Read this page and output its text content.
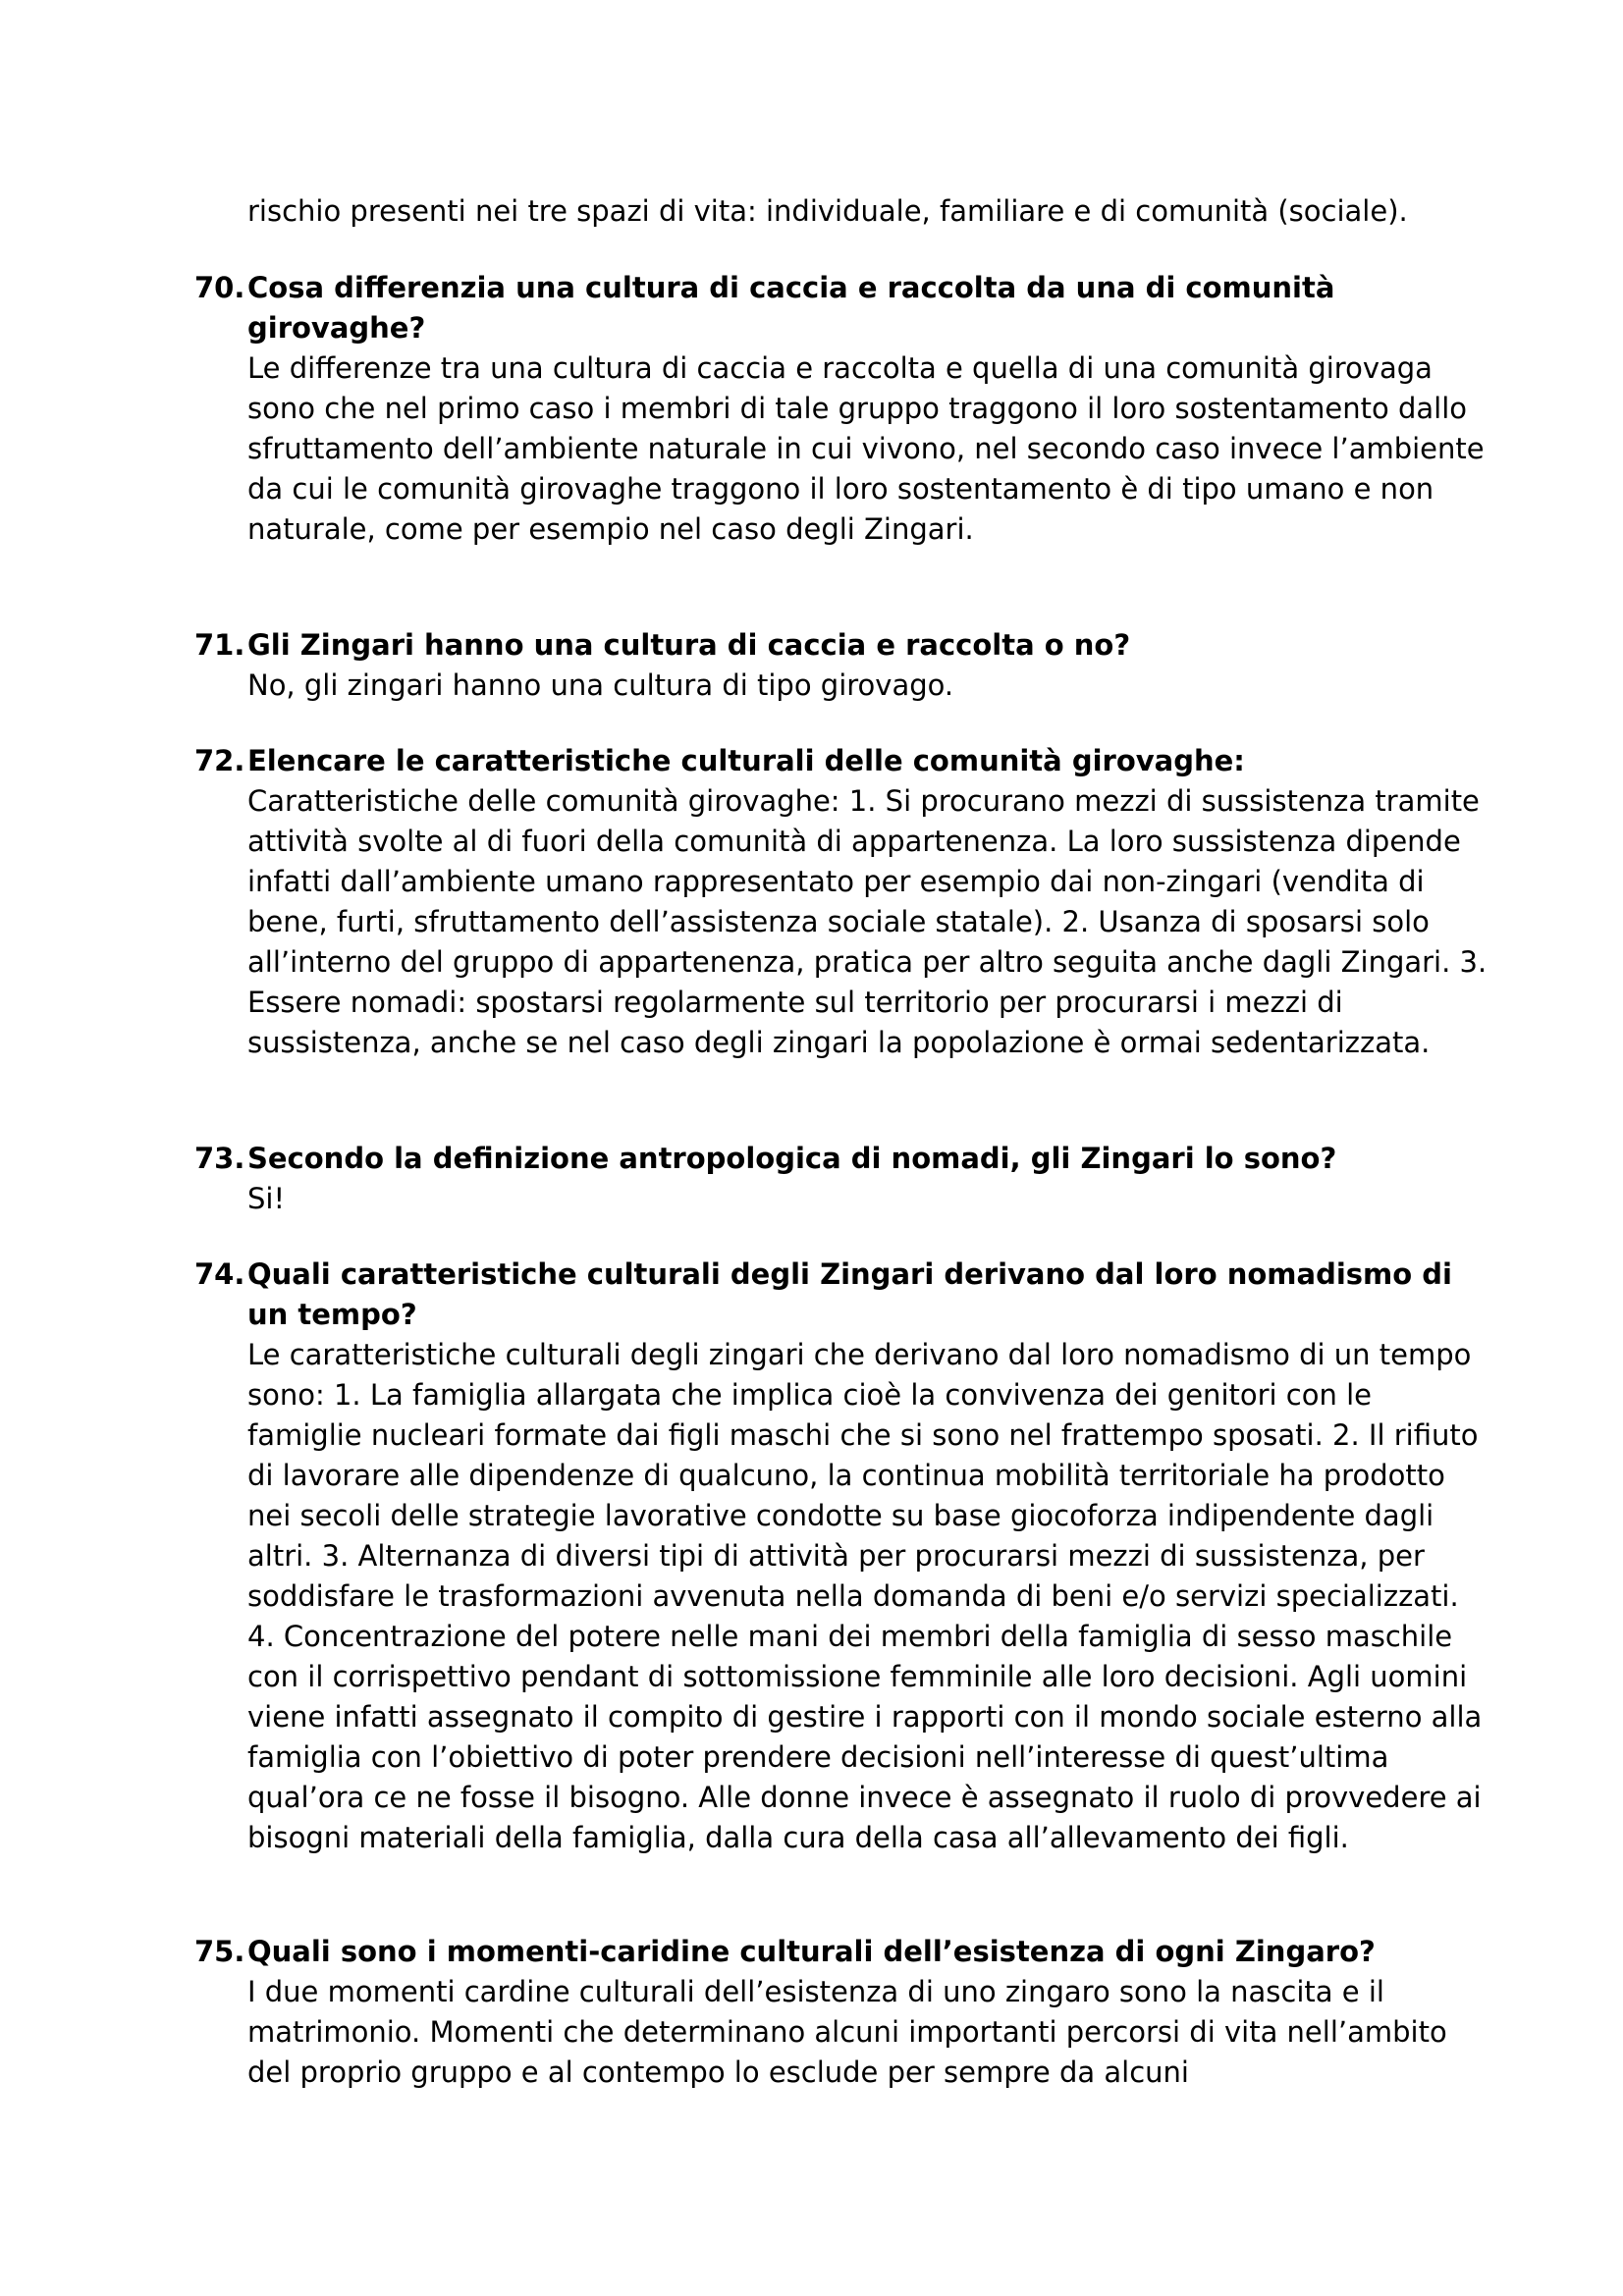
rischio presenti nei tre spazi di vita: individuale, familiare e di comunità (sociale).

70. Cosa differenzia una cultura di caccia e raccolta da una di comunità girovaghe?

Le differenze tra una cultura di caccia e raccolta e quella di una comunità girovaga sono che nel primo caso i membri di tale gruppo traggono il loro sostentamento dallo sfruttamento dell’ambiente naturale in cui vivono, nel secondo caso invece l’ambiente da cui le comunità girovaghe traggono il loro sostentamento è di tipo umano e non naturale, come per esempio nel caso degli Zingari.

71. Gli Zingari hanno una cultura di caccia e raccolta o no?

No, gli zingari hanno una cultura di tipo girovago.

72. Elencare le caratteristiche culturali delle comunità girovaghe:

Caratteristiche delle comunità girovaghe: 1. Si procurano mezzi di sussistenza tramite attività svolte al di fuori della comunità di appartenenza. La loro sussistenza dipende infatti dall’ambiente umano rappresentato per esempio dai non-zingari (vendita di bene, furti, sfruttamento dell’assistenza sociale statale). 2. Usanza di sposarsi solo all’interno del gruppo di appartenenza, pratica per altro seguita anche dagli Zingari. 3. Essere nomadi: spostarsi regolarmente sul territorio per procurarsi i mezzi di sussistenza, anche se nel caso degli zingari la popolazione è ormai sedentarizzata.

73. Secondo la definizione antropologica di nomadi, gli Zingari lo sono?

Si!

74. Quali caratteristiche culturali degli Zingari derivano dal loro nomadismo di un tempo?

Le caratteristiche culturali degli zingari che derivano dal loro nomadismo di un tempo sono: 1. La famiglia allargata che implica cioè la convivenza dei genitori con le famiglie nucleari formate dai figli maschi che si sono nel frattempo sposati. 2. Il rifiuto di lavorare alle dipendenze di qualcuno, la continua mobilità territoriale ha prodotto nei secoli delle strategie lavorative condotte su base giocoforza indipendente dagli altri. 3. Alternanza di diversi tipi di attività per procurarsi mezzi di sussistenza, per soddisfare le trasformazioni avvenuta nella domanda di beni e/o servizi specializzati. 4. Concentrazione del potere nelle mani dei membri della famiglia di sesso maschile con il corrispettivo pendant di sottomissione femminile alle loro decisioni. Agli uomini viene infatti assegnato il compito di gestire i rapporti con il mondo sociale esterno alla famiglia con l’obiettivo di poter prendere decisioni nell’interesse di quest’ultima qual’ora ce ne fosse il bisogno. Alle donne invece è assegnato il ruolo di provvedere ai bisogni materiali della famiglia, dalla cura della casa all’allevamento dei figli.

75. Quali sono i momenti-caridine culturali dell’esistenza di ogni Zingaro?

I due momenti cardine culturali dell’esistenza di uno zingaro sono la nascita e il matrimonio. Momenti che determinano alcuni importanti percorsi di vita nell’ambito del proprio gruppo e al contempo lo esclude per sempre da alcuni
